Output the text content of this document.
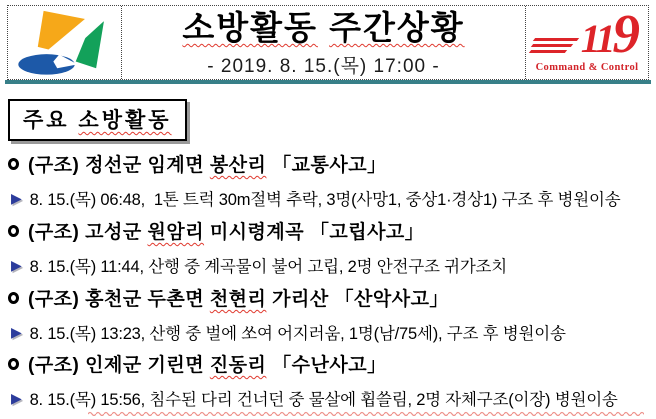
소방활동 주간상황
- 2019. 8. 15.(목) 17:00 -
119
Command & Control
주요 소방활동
(구조) 정선군 임계면 봉산리 「교통사고」
▶ 8. 15.(목) 06:48,  1톤 트럭 30m절벽 추락, 3명(사망1, 중상1·경상1) 구조 후 병원이송
(구조) 고성군 원암리 미시령계곡 「고립사고」
▶ 8. 15.(목) 11:44, 산행 중 계곡물이 불어 고립, 2명 안전구조 귀가조치
(구조) 홍천군 두촌면 천현리 가리산 「산악사고」
▶ 8. 15.(목) 13:23, 산행 중 벌에 쏘여 어지러움, 1명(남/75세), 구조 후 병원이송
(구조) 인제군 기린면 진동리 「수난사고」
▶ 8. 15.(목) 15:56, 침수된 다리 건너던 중 물살에 휩쓸림, 2명 자체구조(이장) 병원이송
